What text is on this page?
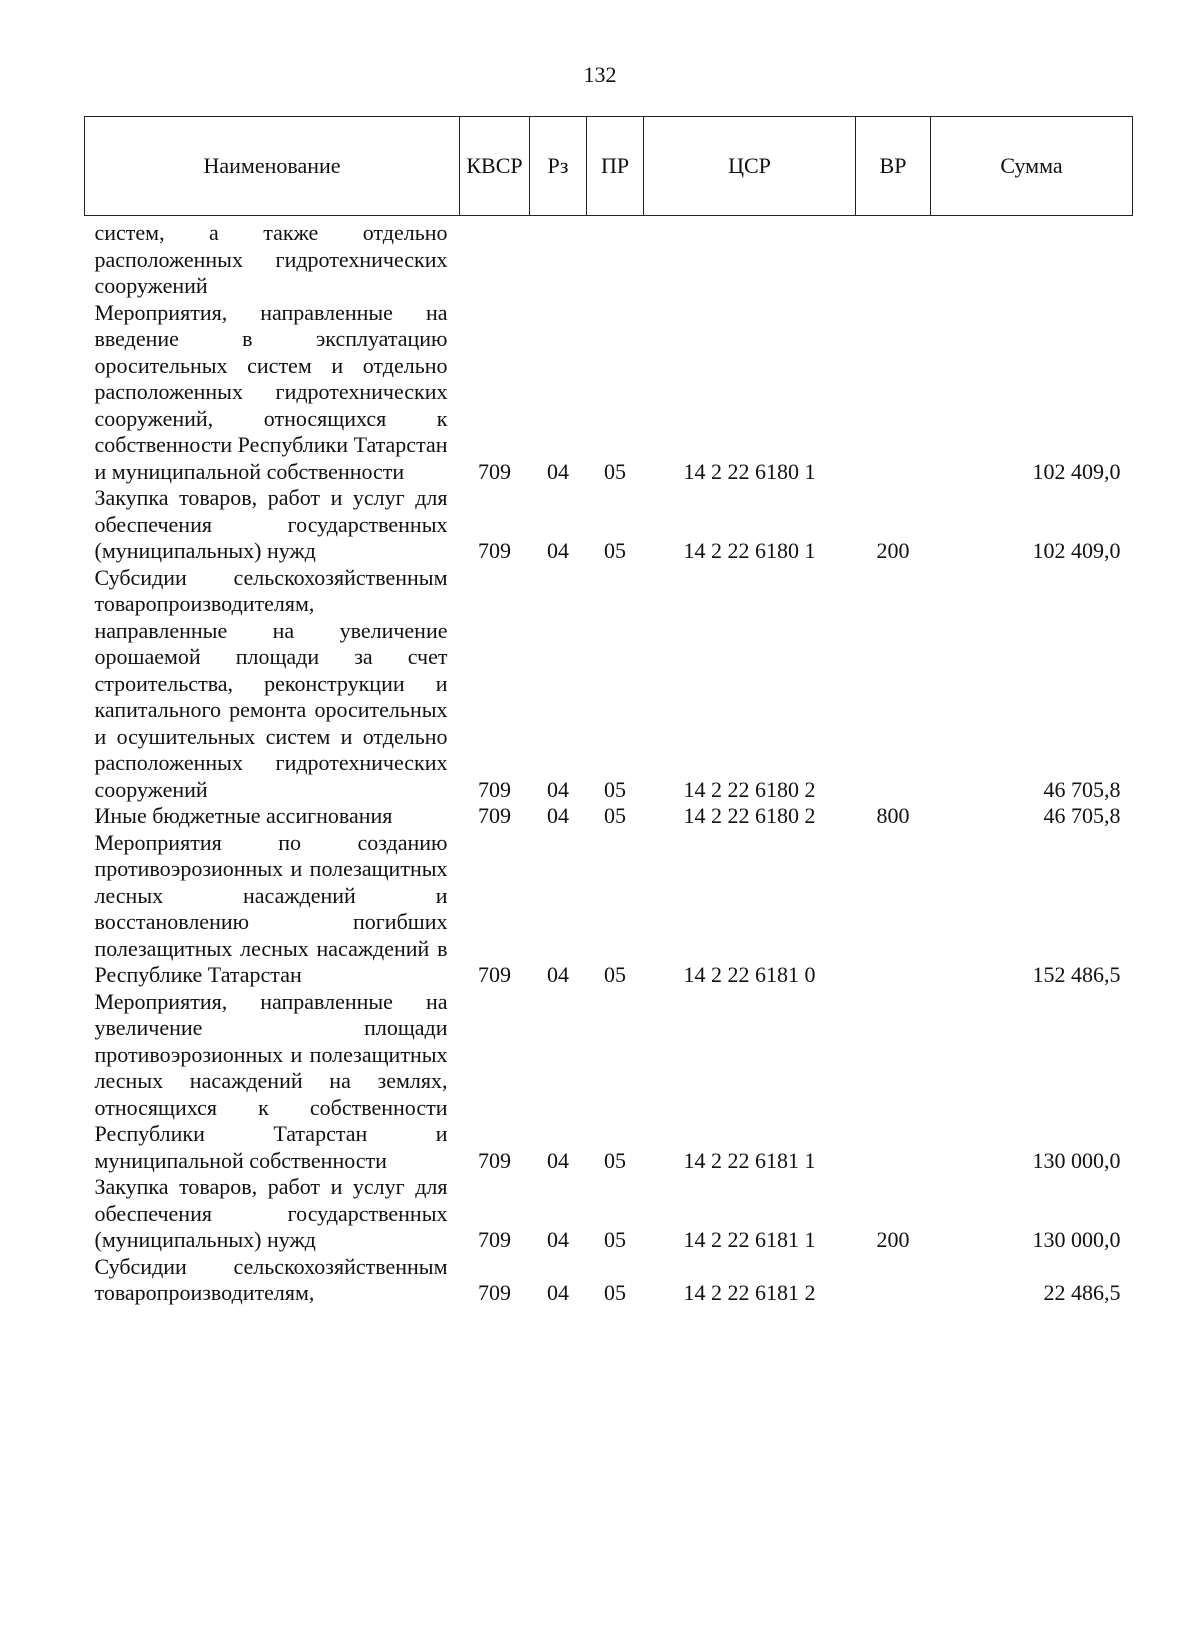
132
Наименование	КВСР	Рз	ПР	ЦСР	ВР	Сумма
систем, а также отдельно расположенных гидротехнических сооружений						
Мероприятия, направленные на введение в эксплуатацию оросительных систем и отдельно расположенных гидротехнических сооружений, относящихся к собственности Республики Татарстан и муниципальной собственности	709	04	05	14 2 22 6180 1		102 409,0
Закупка товаров, работ и услуг для обеспечения государственных (муниципальных) нужд	709	04	05	14 2 22 6180 1	200	102 409,0
Субсидии сельскохозяйственным товаропроизводителям, направленные на увеличение орошаемой площади за счет строительства, реконструкции и капитального ремонта оросительных и осушительных систем и отдельно расположенных гидротехнических сооружений	709	04	05	14 2 22 6180 2		46 705,8
Иные бюджетные ассигнования	709	04	05	14 2 22 6180 2	800	46 705,8
Мероприятия по созданию противоэрозионных и полезащитных лесных насаждений и восстановлению погибших полезащитных лесных насаждений в Республике Татарстан	709	04	05	14 2 22 6181 0		152 486,5
Мероприятия, направленные на увеличение площади противоэрозионных и полезащитных лесных насаждений на землях, относящихся к собственности Республики Татарстан и муниципальной собственности	709	04	05	14 2 22 6181 1		130 000,0
Закупка товаров, работ и услуг для обеспечения государственных (муниципальных) нужд	709	04	05	14 2 22 6181 1	200	130 000,0
Субсидии сельскохозяйственным товаропроизводителям,	709	04	05	14 2 22 6181 2		22 486,5
